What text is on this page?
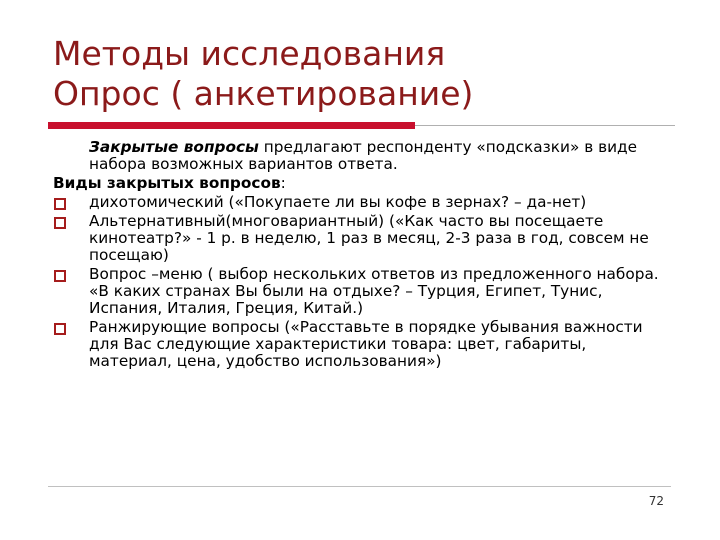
Методы исследования
Опрос ( анкетирование)

Закрытые вопросы предлагают респонденту «подсказки» в виде набора возможных вариантов ответа.

Виды закрытых вопросов:

дихотомический («Покупаете ли вы кофе в зернах? – да-нет)
Альтернативный(многовариантный) («Как часто вы посещаете кинотеатр?» - 1 р. в неделю, 1 раз в месяц, 2-3 раза в год, совсем не посещаю)
Вопрос –меню ( выбор нескольких ответов из предложенного набора. «В каких странах Вы были на отдыхе? – Турция, Египет, Тунис, Испания, Италия, Греция, Китай.)
Ранжирующие вопросы («Расставьте в порядке убывания важности для Вас следующие характеристики товара: цвет, габариты, материал, цена, удобство использования»)
72
